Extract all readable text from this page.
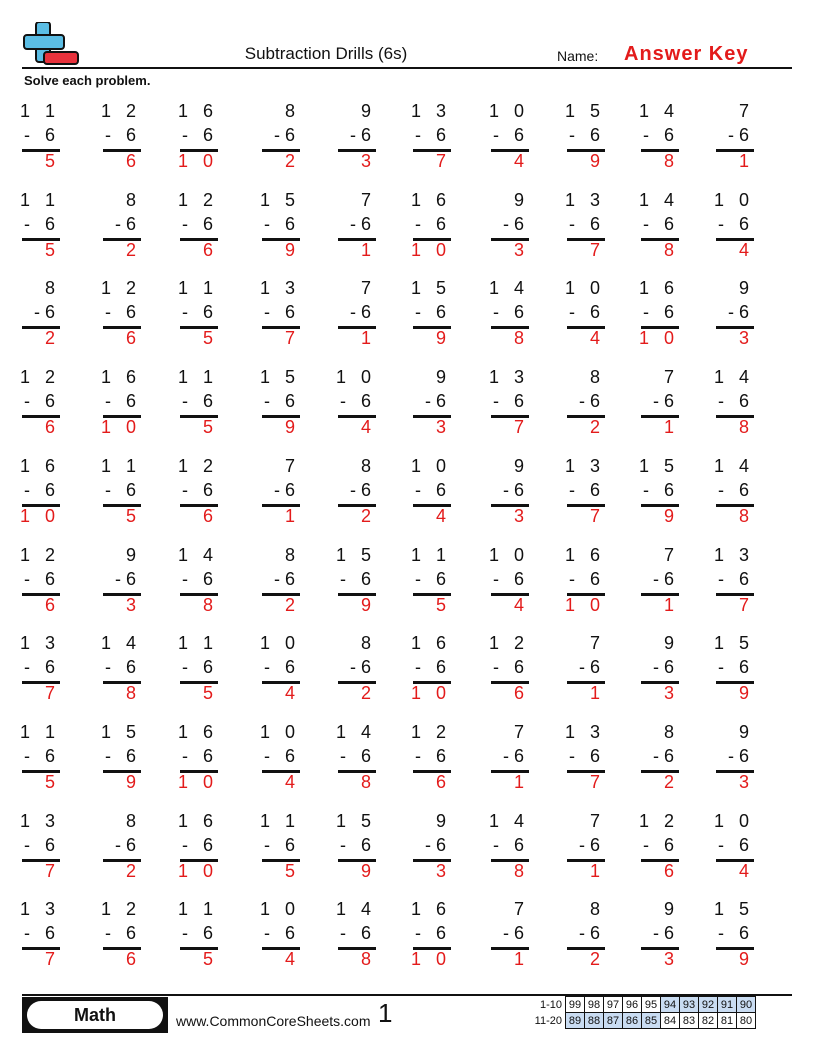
Subtraction Drills (6s)	Name: Answer Key
Solve each problem.
1 1
- 6
5
1 2
- 6
6
1 6
- 6
1 0
8
-6
2
9
-6
3
1 3
- 6
7
1 0
- 6
4
1 5
- 6
9
1 4
- 6
8
7
-6
1
1 1
- 6
5
8
-6
2
1 2
- 6
6
1 5
- 6
9
7
-6
1
1 6
- 6
1 0
9
-6
3
1 3
- 6
7
1 4
- 6
8
1 0
- 6
4
8
-6
2
1 2
- 6
6
1 1
- 6
5
1 3
- 6
7
7
-6
1
1 5
- 6
9
1 4
- 6
8
1 0
- 6
4
1 6
- 6
1 0
9
-6
3
1 2
- 6
6
1 6
- 6
1 0
1 1
- 6
5
1 5
- 6
9
1 0
- 6
4
9
-6
3
1 3
- 6
7
8
-6
2
7
-6
1
1 4
- 6
8
1 6
- 6
1 0
1 1
- 6
5
1 2
- 6
6
7
-6
1
8
-6
2
1 0
- 6
4
9
-6
3
1 3
- 6
7
1 5
- 6
9
1 4
- 6
8
1 2
- 6
6
9
-6
3
1 4
- 6
8
8
-6
2
1 5
- 6
9
1 1
- 6
5
1 0
- 6
4
1 6
- 6
1 0
7
-6
1
1 3
- 6
7
1 3
- 6
7
1 4
- 6
8
1 1
- 6
5
1 0
- 6
4
8
-6
2
1 6
- 6
1 0
1 2
- 6
6
7
-6
1
9
-6
3
1 5
- 6
9
1 1
- 6
5
1 5
- 6
9
1 6
- 6
1 0
1 0
- 6
4
1 4
- 6
8
1 2
- 6
6
7
-6
1
1 3
- 6
7
8
-6
2
9
-6
3
1 3
- 6
7
8
-6
2
1 6
- 6
1 0
1 1
- 6
5
1 5
- 6
9
9
-6
3
1 4
- 6
8
7
-6
1
1 2
- 6
6
1 0
- 6
4
1 3
- 6
7
1 2
- 6
6
1 1
- 6
5
1 0
- 6
4
1 4
- 6
8
1 6
- 6
1 0
7
-6
1
8
-6
2
9
-6
3
1 5
- 6
9
Math	www.CommonCoreSheets.com 1	1-10	99	98	97	96	95	94	93	92	91	90
11-20	89	88	87	86	85	84	83	82	81	80
